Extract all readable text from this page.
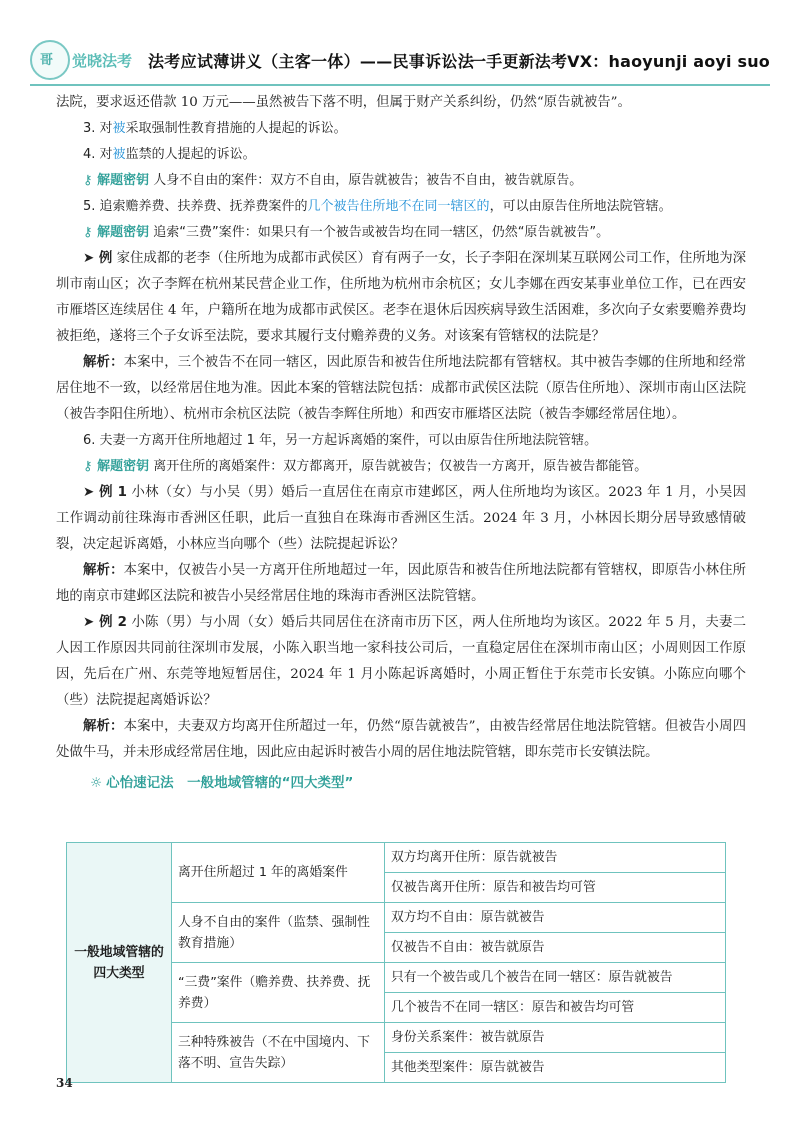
哥 觉晓法考 法考应试薄讲义（主客一体）——民事诉讼法
一手更新法考VX：haoyunji aoyi suo

法院，要求返还借款 10 万元——虽然被告下落不明，但属于财产关系纠纷，仍然“原告就被告”。

3. 对被采取强制性教育措施的人提起的诉讼。

4. 对被监禁的人提起的诉讼。

⚷ 解题密钥 人身不自由的案件：双方不自由，原告就被告；被告不自由，被告就原告。

5. 追索赡养费、扶养费、抚养费案件的几个被告住所地不在同一辖区的，可以由原告住所地法院管辖。

⚷ 解题密钥 追索“三费”案件：如果只有一个被告或被告均在同一辖区，仍然“原告就被告”。

➤ 例 家住成都的老李（住所地为成都市武侯区）育有两子一女，长子李阳在深圳某互联网公司工作，住所地为深圳市南山区；次子李辉在杭州某民营企业工作，住所地为杭州市余杭区；女儿李娜在西安某事业单位工作，已在西安市雁塔区连续居住 4 年，户籍所在地为成都市武侯区。老李在退休后因疾病导致生活困难，多次向子女索要赡养费均被拒绝，遂将三个子女诉至法院，要求其履行支付赡养费的义务。对该案有管辖权的法院是？

解析：本案中，三个被告不在同一辖区，因此原告和被告住所地法院都有管辖权。其中被告李娜的住所地和经常居住地不一致，以经常居住地为准。因此本案的管辖法院包括：成都市武侯区法院（原告住所地）、深圳市南山区法院（被告李阳住所地）、杭州市余杭区法院（被告李辉住所地）和西安市雁塔区法院（被告李娜经常居住地）。

6. 夫妻一方离开住所地超过 1 年，另一方起诉离婚的案件，可以由原告住所地法院管辖。

⚷ 解题密钥 离开住所的离婚案件：双方都离开，原告就被告；仅被告一方离开，原告被告都能管。

➤ 例 1 小林（女）与小吴（男）婚后一直居住在南京市建邺区，两人住所地均为该区。2023 年 1 月，小吴因工作调动前往珠海市香洲区任职，此后一直独自在珠海市香洲区生活。2024 年 3 月，小林因长期分居导致感情破裂，决定起诉离婚，小林应当向哪个（些）法院提起诉讼？

解析：本案中，仅被告小吴一方离开住所地超过一年，因此原告和被告住所地法院都有管辖权，即原告小林住所地的南京市建邺区法院和被告小吴经常居住地的珠海市香洲区法院管辖。

➤ 例 2 小陈（男）与小周（女）婚后共同居住在济南市历下区，两人住所地均为该区。2022 年 5 月，夫妻二人因工作原因共同前往深圳市发展，小陈入职当地一家科技公司后，一直稳定居住在深圳市南山区；小周则因工作原因，先后在广州、东莞等地短暂居住，2024 年 1 月小陈起诉离婚时，小周正暂住于东莞市长安镇。小陈应向哪个（些）法院提起离婚诉讼？

解析：本案中，夫妻双方均离开住所超过一年，仍然“原告就被告”，由被告经常居住地法院管辖。但被告小周四处做牛马，并未形成经常居住地，因此应由起诉时被告小周的居住地法院管辖，即东莞市长安镇法院。

☼ 心怡速记法　 一般地域管辖的“四大类型”
一般地域管辖的四大类型	离开住所超过 1 年的离婚案件	双方均离开住所：原告就被告
		仅被告离开住所：原告和被告均可管
	人身不自由的案件（监禁、强制性教育措施）	双方均不自由：原告就被告
		仅被告不自由：被告就原告
	“三费”案件（赡养费、扶养费、抚养费）	只有一个被告或几个被告在同一辖区：原告就被告
		几个被告不在同一辖区：原告和被告均可管
	三种特殊被告（不在中国境内、下落不明、宣告失踪）	身份关系案件：被告就原告
		其他类型案件：原告就被告
34
